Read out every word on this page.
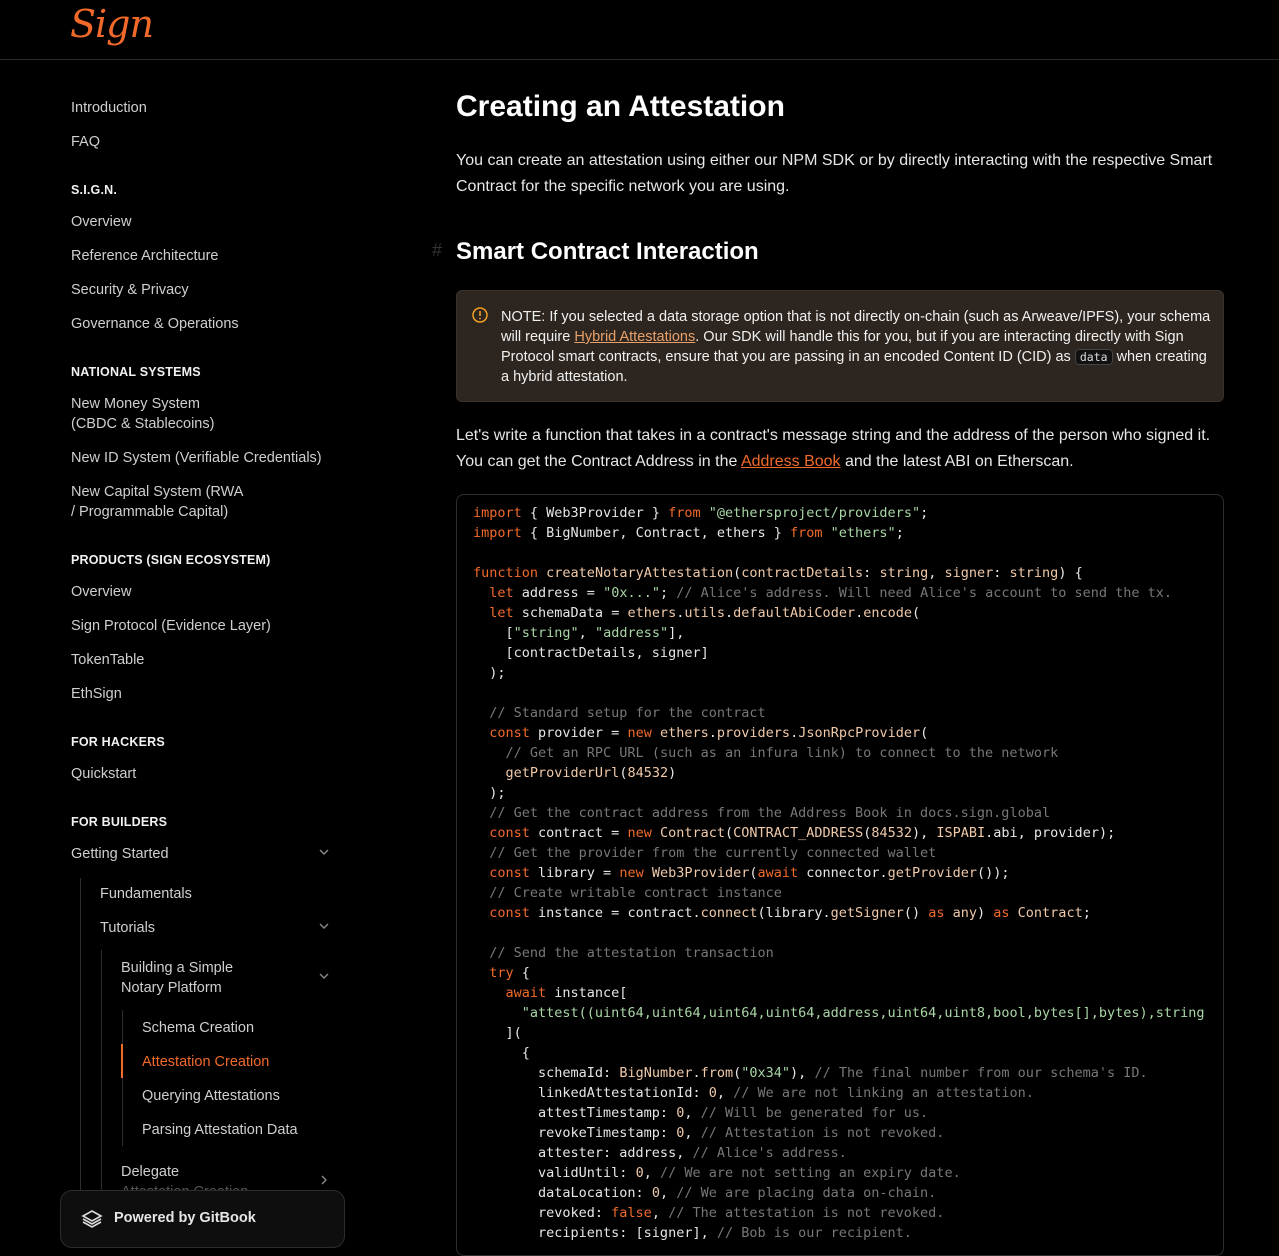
Sign
Introduction
FAQ
S.I.G.N.
Overview
Reference Architecture
Security & Privacy
Governance & Operations
NATIONAL SYSTEMS
New Money System
(CBDC & Stablecoins)
New ID System (Verifiable Credentials)
New Capital System (RWA
/ Programmable Capital)
PRODUCTS (SIGN ECOSYSTEM)
Overview
Sign Protocol (Evidence Layer)
TokenTable
EthSign
FOR HACKERS
Quickstart
FOR BUILDERS
Getting Started
Fundamentals
Tutorials
Building a Simple
Notary Platform
Schema Creation
Attestation Creation
Querying Attestations
Parsing Attestation Data
Delegate
Powered by GitBook
Creating an Attestation
You can create an attestation using either our NPM SDK or by directly interacting with the respective Smart Contract for the specific network you are using.
# Smart Contract Interaction
NOTE: If you selected a data storage option that is not directly on-chain (such as Arweave/IPFS), your schema will require Hybrid Attestations. Our SDK will handle this for you, but if you are interacting directly with Sign Protocol smart contracts, ensure that you are passing in an encoded Content ID (CID) as data when creating a hybrid attestation.
Let's write a function that takes in a contract's message string and the address of the person who signed it. You can get the Contract Address in the Address Book and the latest ABI on Etherscan.
import { Web3Provider } from "@ethersproject/providers";
import { BigNumber, Contract, ethers } from "ethers";

function createNotaryAttestation(contractDetails: string, signer: string) {
let address = "0x..."; // Alice's address. Will need Alice's account to send the tx.
let schemaData = ethers.utils.defaultAbiCoder.encode(
["string", "address"],
[contractDetails, signer]
);

// Standard setup for the contract
const provider = new ethers.providers.JsonRpcProvider(
// Get an RPC URL (such as an infura link) to connect to the network
getProviderUrl(84532)
);
// Get the contract address from the Address Book in docs.sign.global
const contract = new Contract(CONTRACT_ADDRESS(84532), ISPABI.abi, provider);
// Get the provider from the currently connected wallet
const library = new Web3Provider(await connector.getProvider());
// Create writable contract instance
const instance = contract.connect(library.getSigner() as any) as Contract;

// Send the attestation transaction
try {
await instance[
"attest((uint64,uint64,uint64,uint64,address,uint64,uint8,bool,bytes[],bytes),string
](
{
schemaId: BigNumber.from("0x34"), // The final number from our schema's ID.
linkedAttestationId: 0, // We are not linking an attestation.
attestTimestamp: 0, // Will be generated for us.
revokeTimestamp: 0, // Attestation is not revoked.
attester: address, // Alice's address.
validUntil: 0, // We are not setting an expiry date.
dataLocation: 0, // We are placing data on-chain.
revoked: false, // The attestation is not revoked.
recipients: [signer], // Bob is our recipient.
